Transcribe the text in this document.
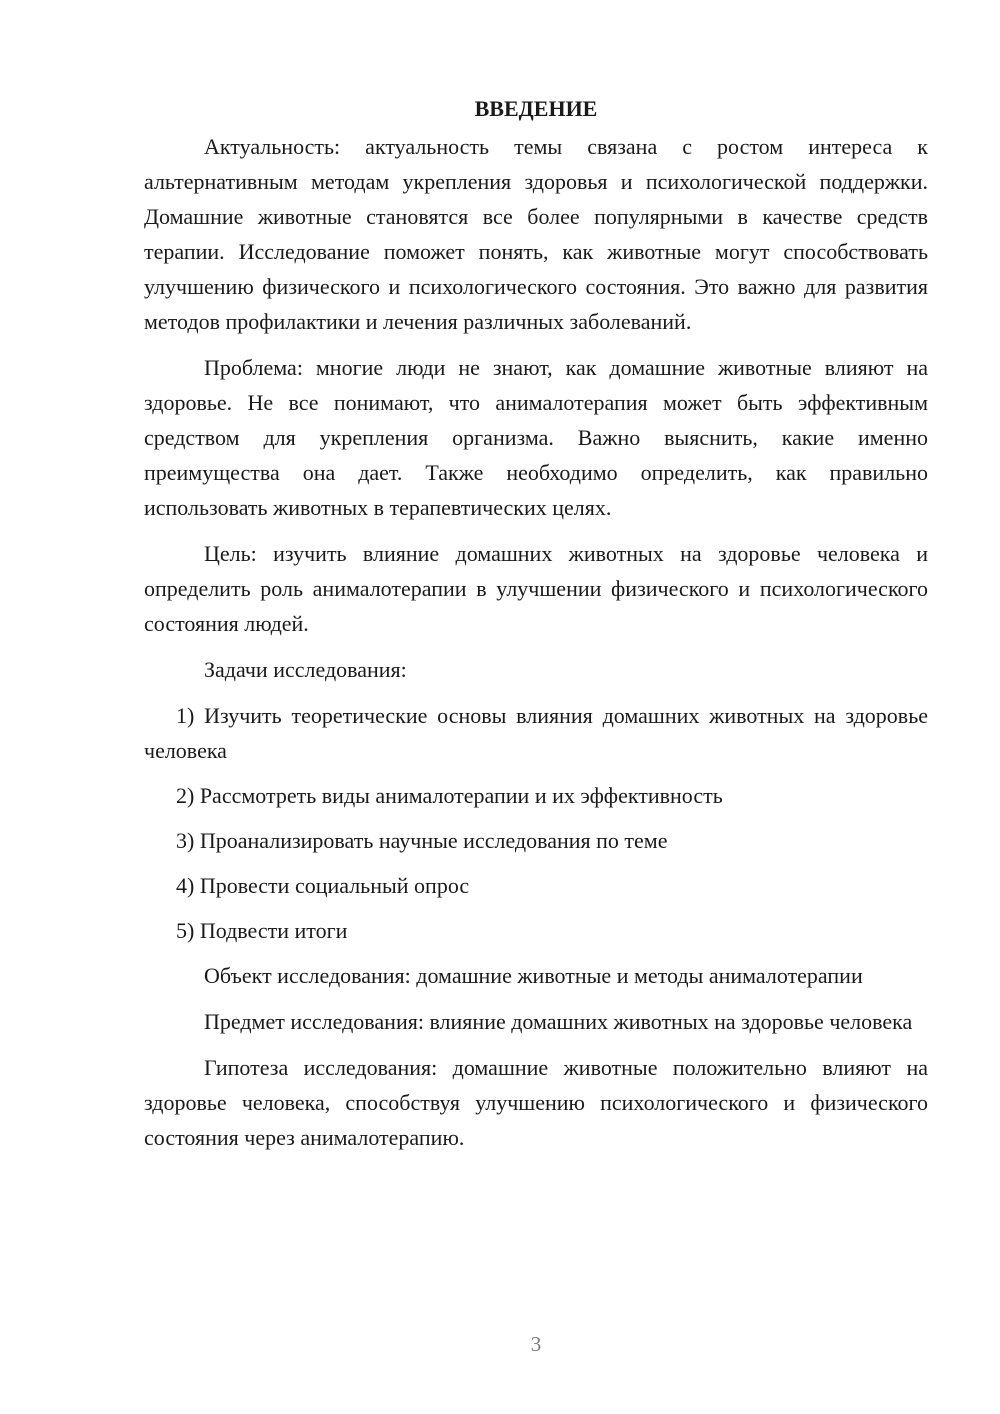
ВВЕДЕНИЕ

Актуальность: актуальность темы связана с ростом интереса к альтернативным методам укрепления здоровья и психологической поддержки. Домашние животные становятся все более популярными в качестве средств терапии. Исследование поможет понять, как животные могут способствовать улучшению физического и психологического состояния. Это важно для развития методов профилактики и лечения различных заболеваний.

Проблема: многие люди не знают, как домашние животные влияют на здоровье. Не все понимают, что анималотерапия может быть эффективным средством для укрепления организма. Важно выяснить, какие именно преимущества она дает. Также необходимо определить, как правильно использовать животных в терапевтических целях.

Цель: изучить влияние домашних животных на здоровье человека и определить роль анималотерапии в улучшении физического и психологического состояния людей.

Задачи исследования:

1) Изучить теоретические основы влияния домашних животных на здоровье человека

2) Рассмотреть виды анималотерапии и их эффективность

3) Проанализировать научные исследования по теме

4) Провести социальный опрос

5) Подвести итоги

Объект исследования: домашние животные и методы анималотерапии

Предмет исследования: влияние домашних животных на здоровье человека

Гипотеза исследования: домашние животные положительно влияют на здоровье человека, способствуя улучшению психологического и физического состояния через анималотерапию.

3
